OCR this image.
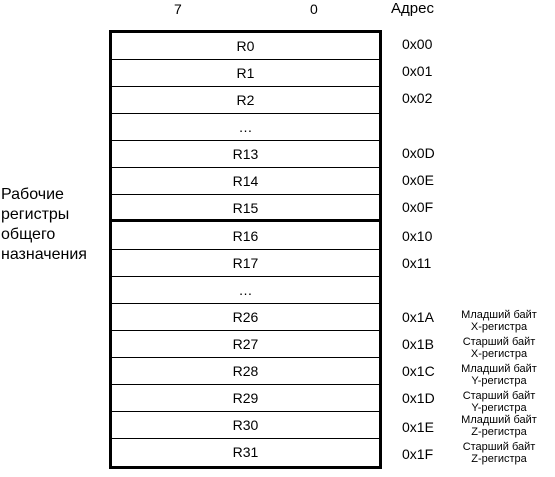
7	0	Адрес
Рабочие
регистры
общего
назначения
R0
R1
R2
…
R13
R14
R15
R16
R17
…
R26
R27
R28
R29
R30
R31
0x00
0x01
0x02
0x0D
0x0E
0x0F
0x10
0x11
0x1A
0x1B
0x1C
0x1D
0x1E
0x1F
Младший байт
X-регистра
Старший байт
X-регистра
Младший байт
Y-регистра
Старший байт
Y-регистра
Младший байт
Z-регистра
Старший байт
Z-регистра
